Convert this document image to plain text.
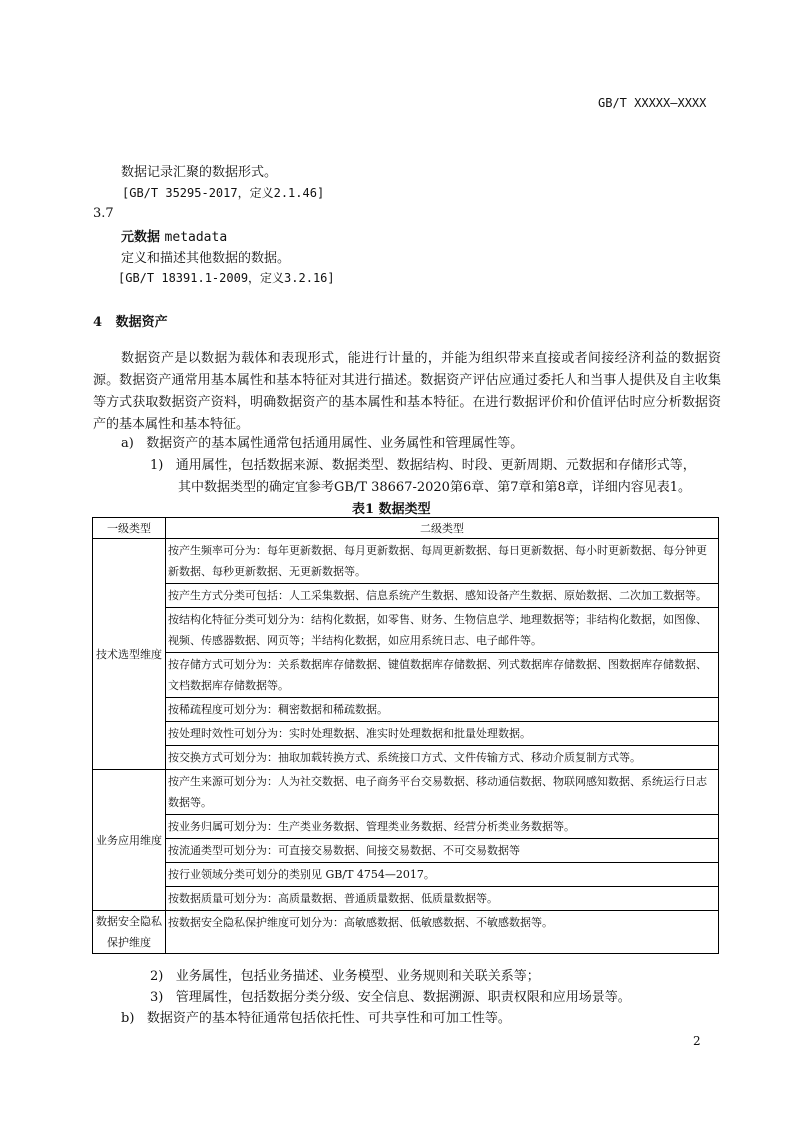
GB/T XXXXX—XXXX
数据记录汇聚的数据形式。
[GB/T 35295-2017，定义2.1.46]
3.7
元数据 metadata
定义和描述其他数据的数据。
[GB/T 18391.1-2009，定义3.2.16]
4 数据资产
数据资产是以数据为载体和表现形式，能进行计量的，并能为组织带来直接或者间接经济利益的数据资源。数据资产通常用基本属性和基本特征对其进行描述。数据资产评估应通过委托人和当事人提供及自主收集等方式获取数据资产资料，明确数据资产的基本属性和基本特征。在进行数据评价和价值评估时应分析数据资产的基本属性和基本特征。
a) 数据资产的基本属性通常包括通用属性、业务属性和管理属性等。
1) 通用属性，包括数据来源、数据类型、数据结构、时段、更新周期、元数据和存储形式等，
其中数据类型的确定宜参考GB/T 38667-2020第6章、第7章和第8章，详细内容见表1。
表1 数据类型
一级类型	二级类型
技术选型维度	按产生频率可分为：每年更新数据、每月更新数据、每周更新数据、每日更新数据、每小时更新数据、每分钟更新数据、每秒更新数据、无更新数据等。
	按产生方式分类可包括：人工采集数据、信息系统产生数据、感知设备产生数据、原始数据、二次加工数据等。
	按结构化特征分类可划分为：结构化数据，如零售、财务、生物信息学、地理数据等；非结构化数据，如图像、视频、传感器数据、网页等；半结构化数据，如应用系统日志、电子邮件等。
	按存储方式可划分为：关系数据库存储数据、键值数据库存储数据、列式数据库存储数据、图数据库存储数据、文档数据库存储数据等。
	按稀疏程度可划分为：稠密数据和稀疏数据。
	按处理时效性可划分为：实时处理数据、准实时处理数据和批量处理数据。
	按交换方式可划分为：抽取加载转换方式、系统接口方式、文件传输方式、移动介质复制方式等。
业务应用维度	按产生来源可划分为：人为社交数据、电子商务平台交易数据、移动通信数据、物联网感知数据、系统运行日志数据等。
	按业务归属可划分为：生产类业务数据、管理类业务数据、经营分析类业务数据等。
	按流通类型可划分为：可直接交易数据、间接交易数据、不可交易数据等
	按行业领域分类可划分的类别见 GB/T 4754—2017。
	按数据质量可划分为：高质量数据、普通质量数据、低质量数据等。
数据安全隐私保护维度	按数据安全隐私保护维度可划分为：高敏感数据、低敏感数据、不敏感数据等。
2) 业务属性，包括业务描述、业务模型、业务规则和关联关系等；
3) 管理属性，包括数据分类分级、安全信息、数据溯源、职责权限和应用场景等。
b) 数据资产的基本特征通常包括依托性、可共享性和可加工性等。
2
